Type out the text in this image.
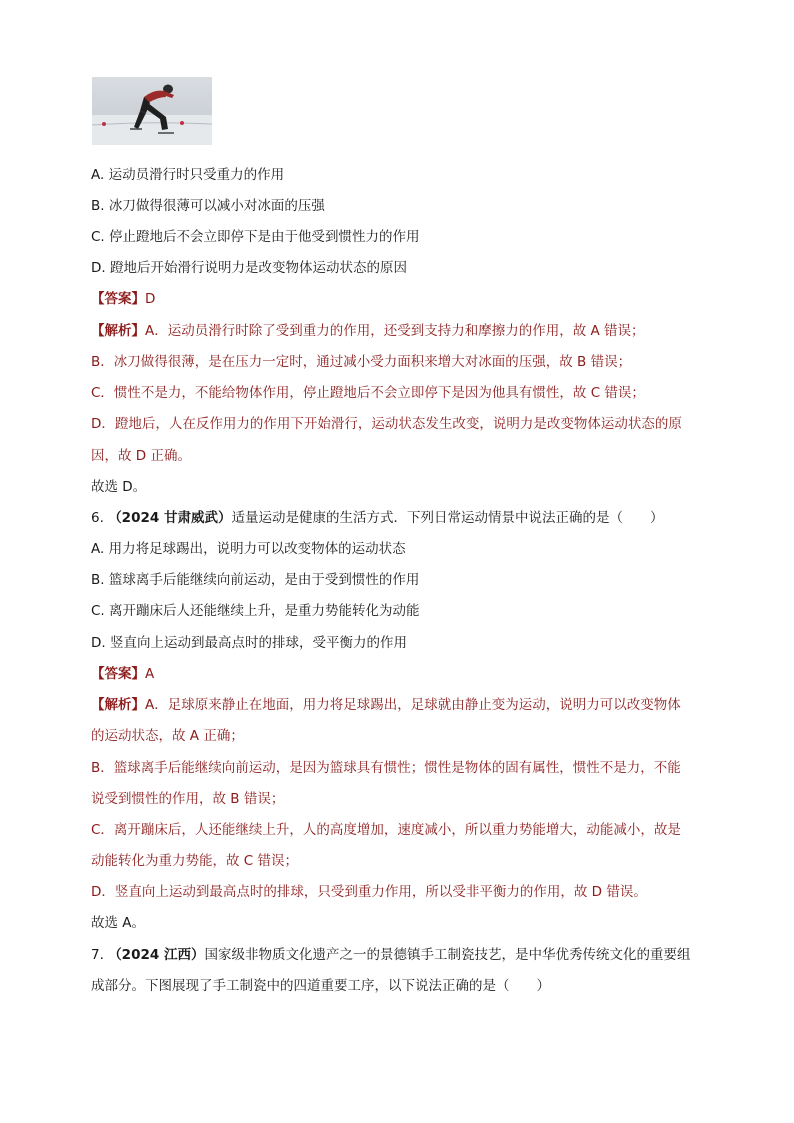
A. 运动员滑行时只受重力的作用
B. 冰刀做得很薄可以减小对冰面的压强
C. 停止蹬地后不会立即停下是由于他受到惯性力的作用
D. 蹬地后开始滑行说明力是改变物体运动状态的原因
【答案】D
【解析】A．运动员滑行时除了受到重力的作用，还受到支持力和摩擦力的作用，故 A 错误；
B．冰刀做得很薄，是在压力一定时，通过减小受力面积来增大对冰面的压强，故 B 错误；
C．惯性不是力，不能给物体作用，停止蹬地后不会立即停下是因为他具有惯性，故 C 错误；
D．蹬地后，人在反作用力的作用下开始滑行，运动状态发生改变，说明力是改变物体运动状态的原
因，故 D 正确。
故选 D。
6. （2024 甘肃威武）适量运动是健康的生活方式．下列日常运动情景中说法正确的是（　　）
A. 用力将足球踢出，说明力可以改变物体的运动状态
B. 篮球离手后能继续向前运动，是由于受到惯性的作用
C. 离开蹦床后人还能继续上升，是重力势能转化为动能
D. 竖直向上运动到最高点时的排球，受平衡力的作用
【答案】A
【解析】A．足球原来静止在地面，用力将足球踢出，足球就由静止变为运动，说明力可以改变物体
的运动状态，故 A 正确；
B．篮球离手后能继续向前运动，是因为篮球具有惯性；惯性是物体的固有属性，惯性不是力，不能
说受到惯性的作用，故 B 错误；
C．离开蹦床后，人还能继续上升，人的高度增加，速度减小，所以重力势能增大，动能减小，故是
动能转化为重力势能，故 C 错误；
D．竖直向上运动到最高点时的排球，只受到重力作用，所以受非平衡力的作用，故 D 错误。
故选 A。
7. （2024 江西）国家级非物质文化遗产之一的景德镇手工制瓷技艺，是中华优秀传统文化的重要组
成部分。下图展现了手工制瓷中的四道重要工序，以下说法正确的是（　　）
